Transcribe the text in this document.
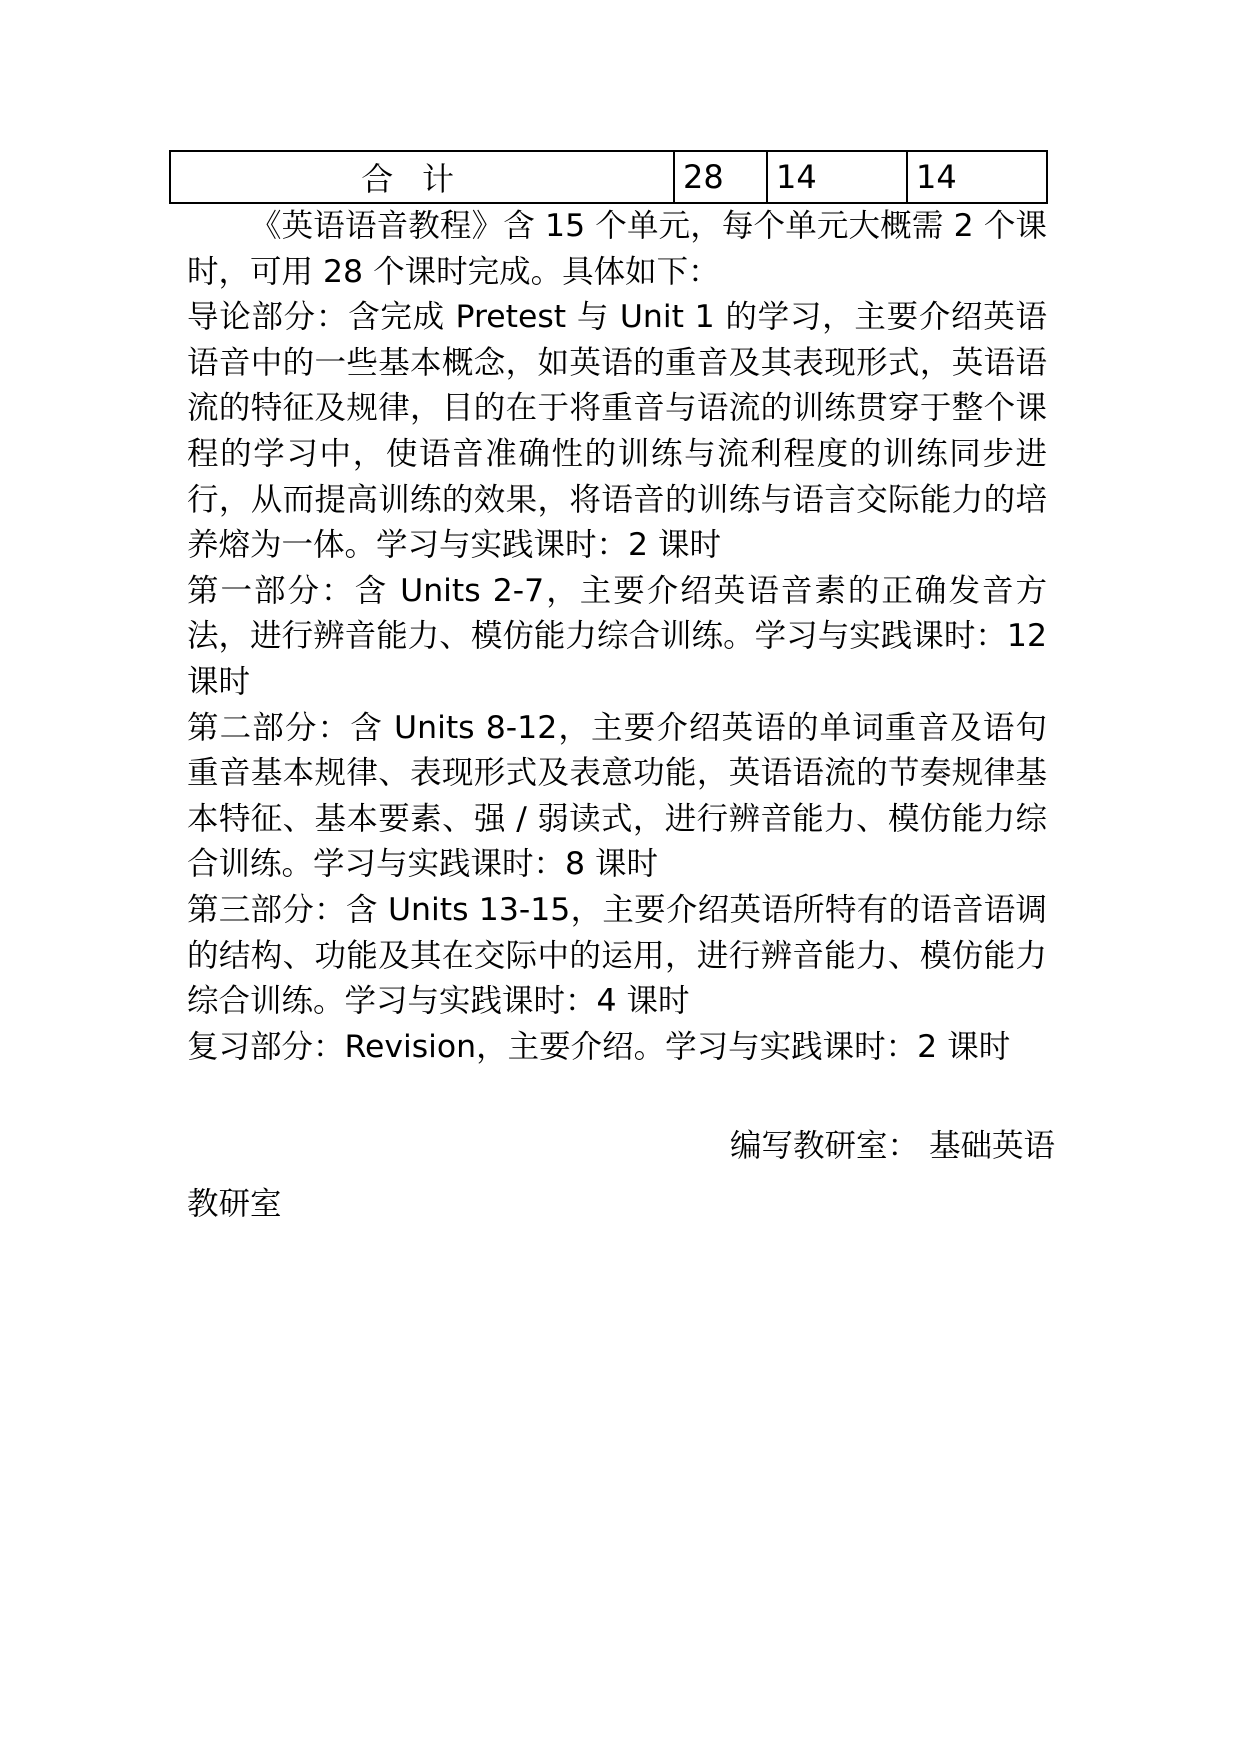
合计	28	14	14

《英语语音教程》含 15 个单元，每个单元大概需 2 个课时，可用 28 个课时完成。具体如下：

导论部分：含完成 Pretest 与 Unit 1 的学习，主要介绍英语语音中的一些基本概念，如英语的重音及其表现形式，英语语流的特征及规律，目的在于将重音与语流的训练贯穿于整个课程的学习中，使语音准确性的训练与流利程度的训练同步进行，从而提高训练的效果，将语音的训练与语言交际能力的培养熔为一体。学习与实践课时：2 课时

第一部分：含 Units 2-7，主要介绍英语音素的正确发音方法，进行辨音能力、模仿能力综合训练。学习与实践课时：12 课时

第二部分：含 Units 8-12，主要介绍英语的单词重音及语句重音基本规律、表现形式及表意功能，英语语流的节奏规律基本特征、基本要素、强 / 弱读式，进行辨音能力、模仿能力综合训练。学习与实践课时：8 课时

第三部分：含 Units 13-15，主要介绍英语所特有的语音语调的结构、功能及其在交际中的运用，进行辨音能力、模仿能力综合训练。学习与实践课时：4 课时

复习部分：Revision，主要介绍。学习与实践课时：2 课时

编写教研室： 基础英语
教研室
